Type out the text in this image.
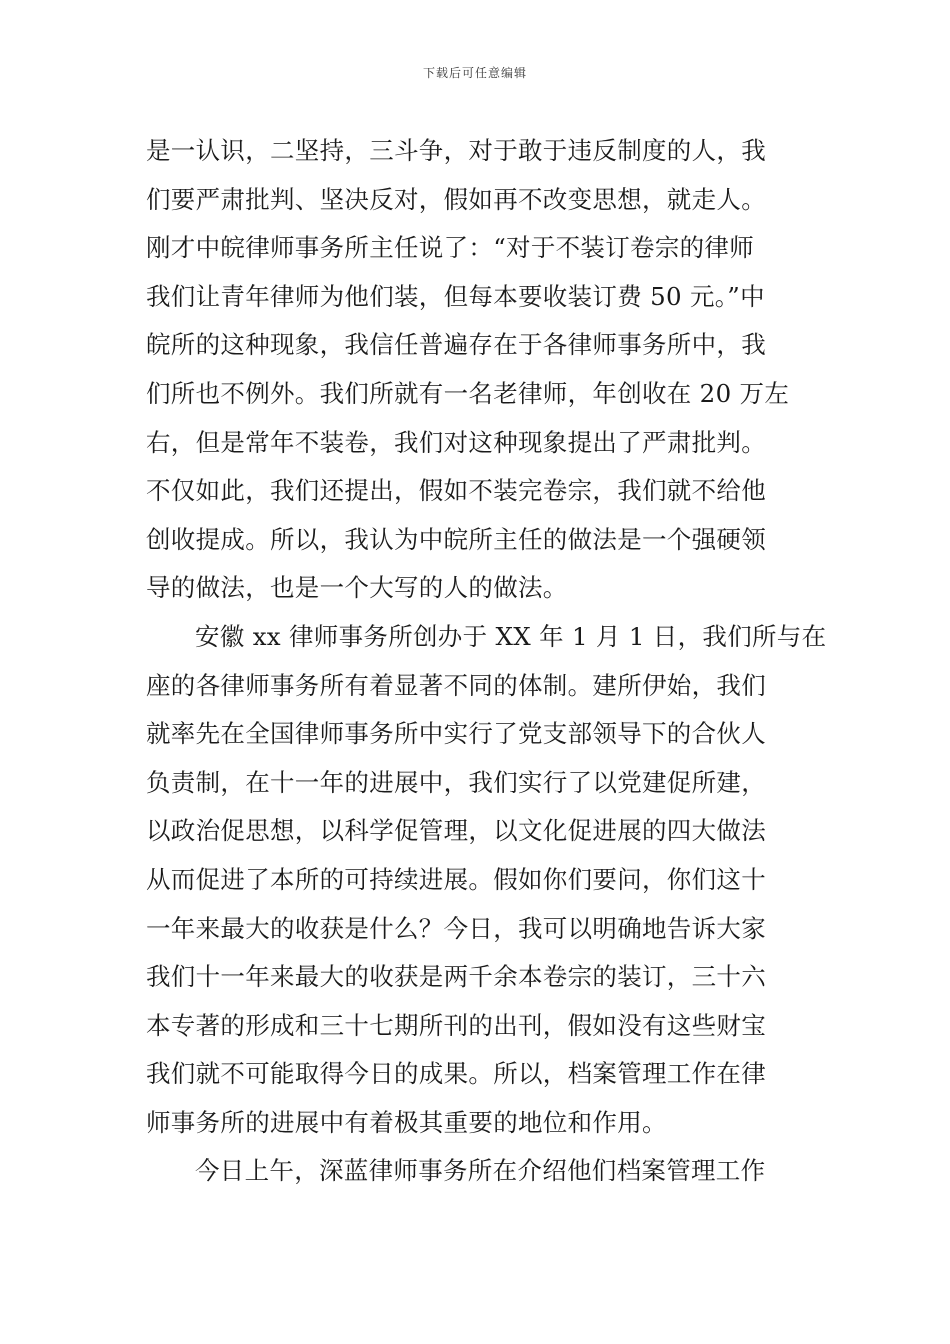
下载后可任意编辑
是一认识，二坚持，三斗争，对于敢于违反制度的人，我
们要严肃批判、坚决反对，假如再不改变思想，就走人。
刚才中皖律师事务所主任说了：“对于不装订卷宗的律师
我们让青年律师为他们装，但每本要收装订费 50 元。”中
皖所的这种现象，我信任普遍存在于各律师事务所中，我
们所也不例外。我们所就有一名老律师，年创收在 20 万左
右，但是常年不装卷，我们对这种现象提出了严肃批判。
不仅如此，我们还提出，假如不装完卷宗，我们就不给他
创收提成。所以，我认为中皖所主任的做法是一个强硬领
导的做法，也是一个大写的人的做法。
安徽 xx 律师事务所创办于 XX 年 1 月 1 日，我们所与在
座的各律师事务所有着显著不同的体制。建所伊始，我们
就率先在全国律师事务所中实行了党支部领导下的合伙人
负责制，在十一年的进展中，我们实行了以党建促所建，
以政治促思想，以科学促管理，以文化促进展的四大做法
从而促进了本所的可持续进展。假如你们要问，你们这十
一年来最大的收获是什么？今日，我可以明确地告诉大家
我们十一年来最大的收获是两千余本卷宗的装订，三十六
本专著的形成和三十七期所刊的出刊，假如没有这些财宝
我们就不可能取得今日的成果。所以，档案管理工作在律
师事务所的进展中有着极其重要的地位和作用。
今日上午，深蓝律师事务所在介绍他们档案管理工作
